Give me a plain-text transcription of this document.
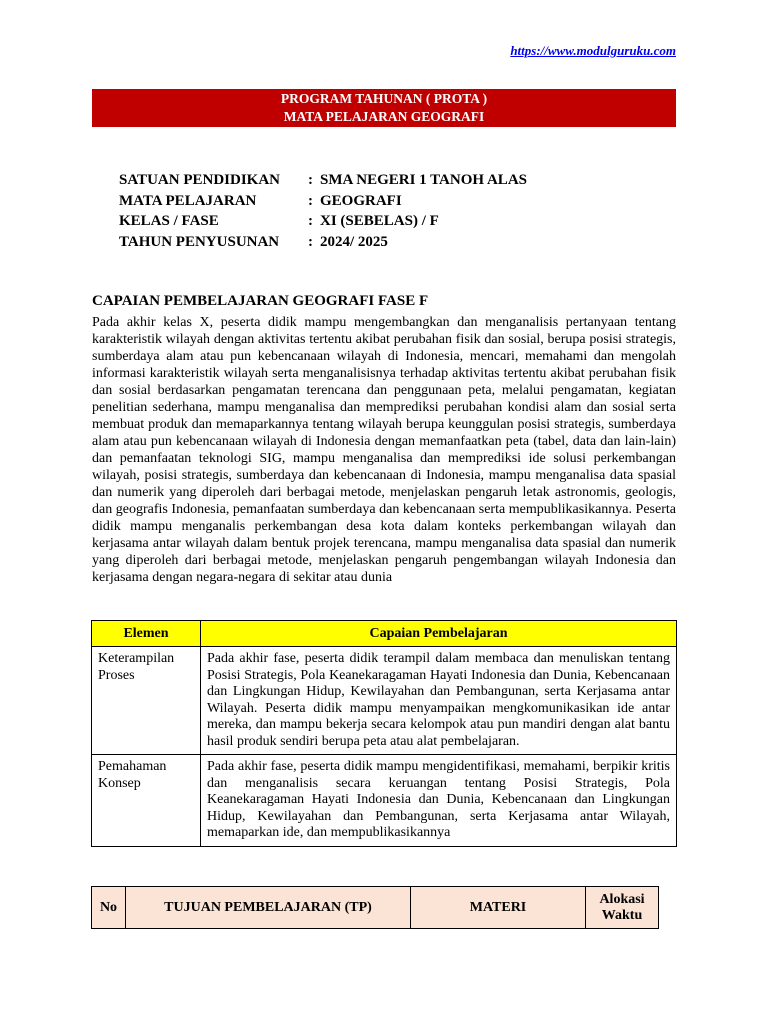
https://www.modulguruku.com
PROGRAM TAHUNAN ( PROTA )
MATA PELAJARAN GEOGRAFI
SATUAN PENDIDIKAN	:	SMA NEGERI 1 TANOH ALAS
MATA PELAJARAN	:	GEOGRAFI
KELAS / FASE	:	XI (SEBELAS) / F
TAHUN PENYUSUNAN	:	2024/ 2025
CAPAIAN PEMBELAJARAN GEOGRAFI FASE F
Pada akhir kelas X, peserta didik mampu mengembangkan dan menganalisis pertanyaan tentang karakteristik wilayah dengan aktivitas tertentu akibat perubahan fisik dan sosial, berupa posisi strategis, sumberdaya alam atau pun kebencanaan wilayah di Indonesia, mencari, memahami dan mengolah informasi karakteristik wilayah serta menganalisisnya terhadap aktivitas tertentu akibat perubahan fisik dan sosial berdasarkan pengamatan terencana dan penggunaan peta, melalui pengamatan, kegiatan penelitian sederhana, mampu menganalisa dan memprediksi perubahan kondisi alam dan sosial serta membuat produk dan memaparkannya tentang wilayah berupa keunggulan posisi strategis, sumberdaya alam atau pun kebencanaan wilayah di Indonesia dengan memanfaatkan peta (tabel, data dan lain-lain) dan pemanfaatan teknologi SIG, mampu menganalisa dan memprediksi ide solusi perkembangan wilayah, posisi strategis, sumberdaya dan kebencanaan di Indonesia, mampu menganalisa data spasial dan numerik yang diperoleh dari berbagai metode, menjelaskan pengaruh letak astronomis, geologis, dan geografis Indonesia, pemanfaatan sumberdaya dan kebencanaan serta mempublikasikannya. Peserta didik mampu menganalis perkembangan desa kota dalam konteks perkembangan wilayah dan kerjasama antar wilayah dalam bentuk projek terencana, mampu menganalisa data spasial dan numerik yang diperoleh dari berbagai metode, menjelaskan pengaruh pengembangan wilayah Indonesia dan kerjasama dengan negara-negara di sekitar atau dunia
Elemen	Capaian Pembelajaran
Keterampilan Proses	Pada akhir fase, peserta didik terampil dalam membaca dan menuliskan tentang Posisi Strategis, Pola Keanekaragaman Hayati Indonesia dan Dunia, Kebencanaan dan Lingkungan Hidup, Kewilayahan dan Pembangunan, serta Kerjasama antar Wilayah. Peserta didik mampu menyampaikan mengkomunikasikan ide antar mereka, dan mampu bekerja secara kelompok atau pun mandiri dengan alat bantu hasil produk sendiri berupa peta atau alat pembelajaran.
Pemahaman Konsep	Pada akhir fase, peserta didik mampu mengidentifikasi, memahami, berpikir kritis dan menganalisis secara keruangan tentang Posisi Strategis, Pola Keanekaragaman Hayati Indonesia dan Dunia, Kebencanaan dan Lingkungan Hidup, Kewilayahan dan Pembangunan, serta Kerjasama antar Wilayah, memaparkan ide, dan mempublikasikannya
No	TUJUAN PEMBELAJARAN (TP)	MATERI	Alokasi Waktu
